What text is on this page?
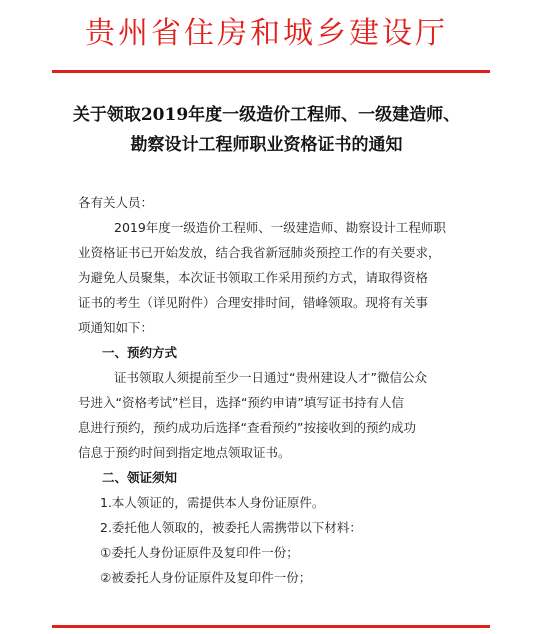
贵州省住房和城乡建设厅
关于领取2019年度一级造价工程师、一级建造师、
勘察设计工程师职业资格证书的通知
各有关人员：
2019年度一级造价工程师、一级建造师、勘察设计工程师职
业资格证书已开始发放，结合我省新冠肺炎预控工作的有关要求，
为避免人员聚集，本次证书领取工作采用预约方式，请取得资格
证书的考生（详见附件）合理安排时间，错峰领取。现将有关事
项通知如下：
一、预约方式
证书领取人须提前至少一日通过“贵州建设人才”微信公众
号进入“资格考试”栏目，选择“预约申请”填写证书持有人信
息进行预约，预约成功后选择“查看预约”按接收到的预约成功
信息于预约时间到指定地点领取证书。
二、领证须知
1.本人领证的，需提供本人身份证原件。
2.委托他人领取的，被委托人需携带以下材料：
①委托人身份证原件及复印件一份；
②被委托人身份证原件及复印件一份；
